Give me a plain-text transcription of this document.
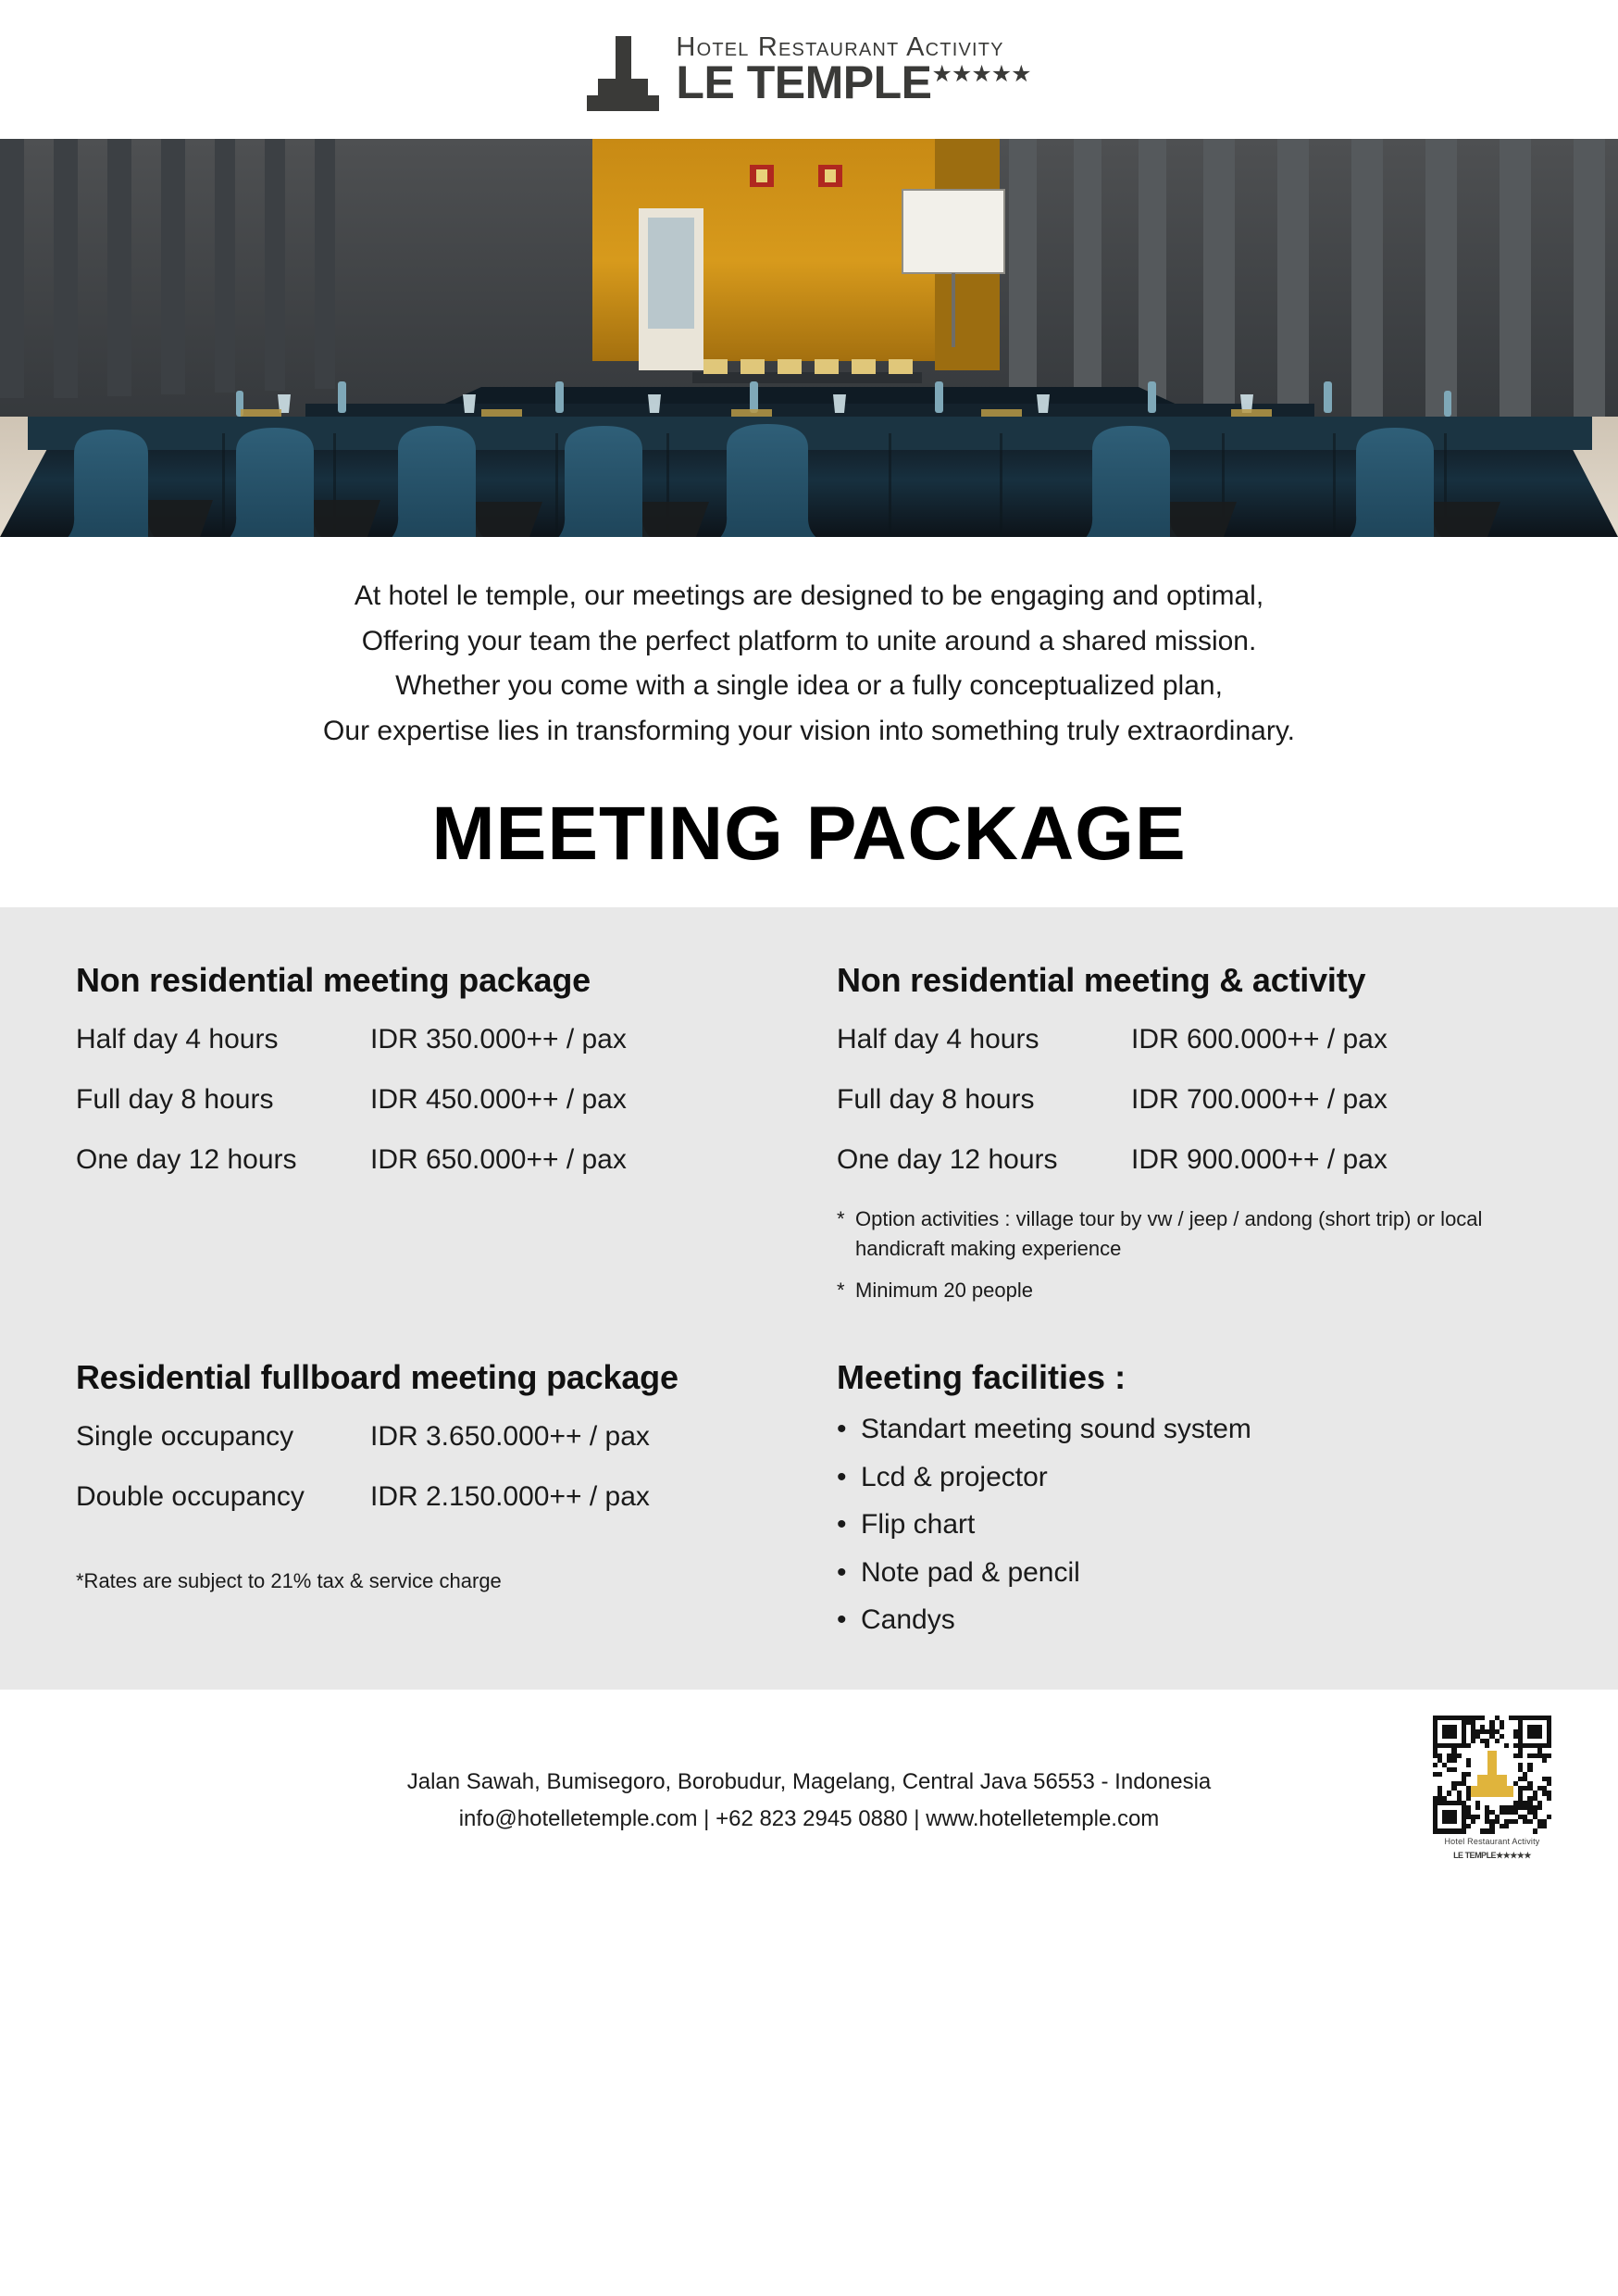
Hotel Restaurant Activity
LE TEMPLE ★★★★★

At hotel le temple, our meetings are designed to be engaging and optimal,

Offering your team the perfect platform to unite around a shared mission.

Whether you come with a single idea or a fully conceptualized plan,

Our expertise lies in transforming your vision into something truly extraordinary.

MEETING PACKAGE
Non residential meeting package
Half day 4 hours	IDR 350.000++ / pax
Full day 8 hours	IDR 450.000++ / pax
One day 12 hours	IDR 650.000++ / pax
Non residential meeting & activity
Half day 4 hours	IDR 600.000++ / pax
Full day 8 hours	IDR 700.000++ / pax
One day 12 hours	IDR 900.000++ / pax
* Option activities : village tour by vw / jeep / andong (short trip) or local handicraft making experience
* Minimum 20 people
Residential fullboard meeting package
Single occupancy	IDR 3.650.000++ / pax
Double occupancy	IDR 2.150.000++ / pax
*Rates are subject to 21% tax & service charge
Meeting facilities :
• Standart meeting sound system
• Lcd & projector
• Flip chart
• Note pad & pencil
• Candys
Jalan Sawah, Bumisegoro, Borobudur, Magelang, Central Java 56553 - Indonesia
info@hotelletemple.com | +62 823 2945 0880 | www.hotelletemple.com
Hotel Restaurant Activity
LE TEMPLE★★★★★
